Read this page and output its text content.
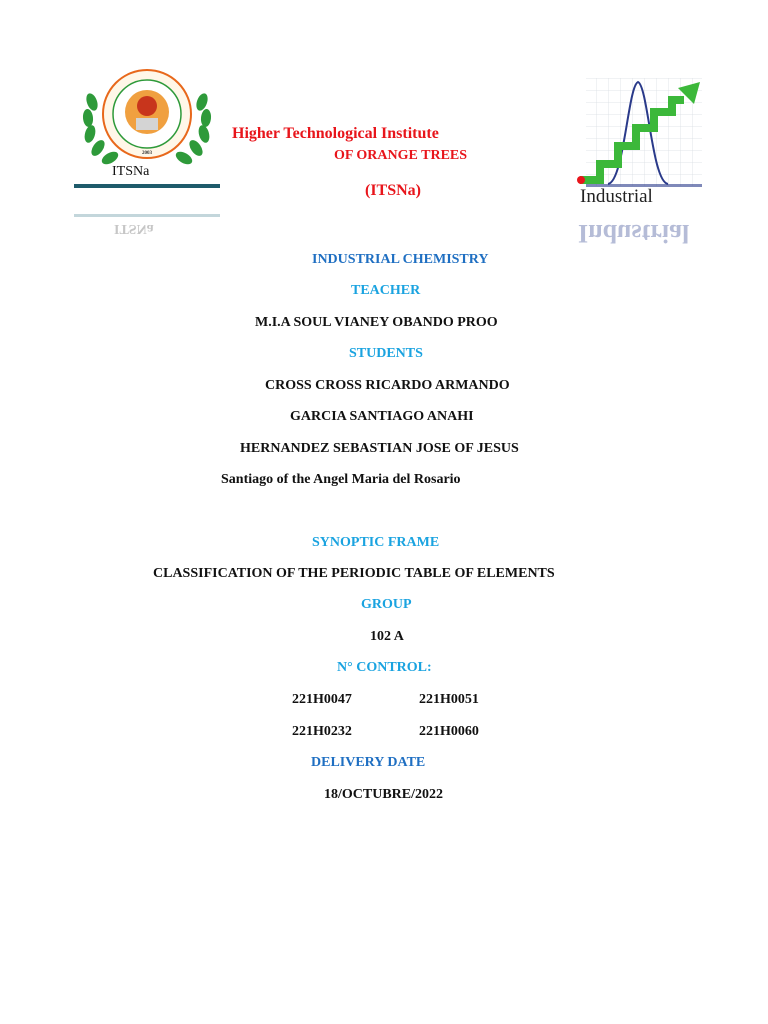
2003
ITSNa
ITSNa
Industrial
Industrial
Higher Technological Institute
OF ORANGE TREES
(ITSNa)
INDUSTRIAL CHEMISTRY
TEACHER
M.I.A SOUL VIANEY OBANDO PROO
STUDENTS
CROSS CROSS RICARDO ARMANDO
GARCIA SANTIAGO ANAHI
HERNANDEZ SEBASTIAN JOSE OF JESUS
Santiago of the Angel Maria del Rosario
SYNOPTIC FRAME
CLASSIFICATION OF THE PERIODIC TABLE OF ELEMENTS
GROUP
102 A
N° CONTROL:
221H0047	221H0051
221H0232	221H0060
DELIVERY DATE
18/OCTUBRE/2022
